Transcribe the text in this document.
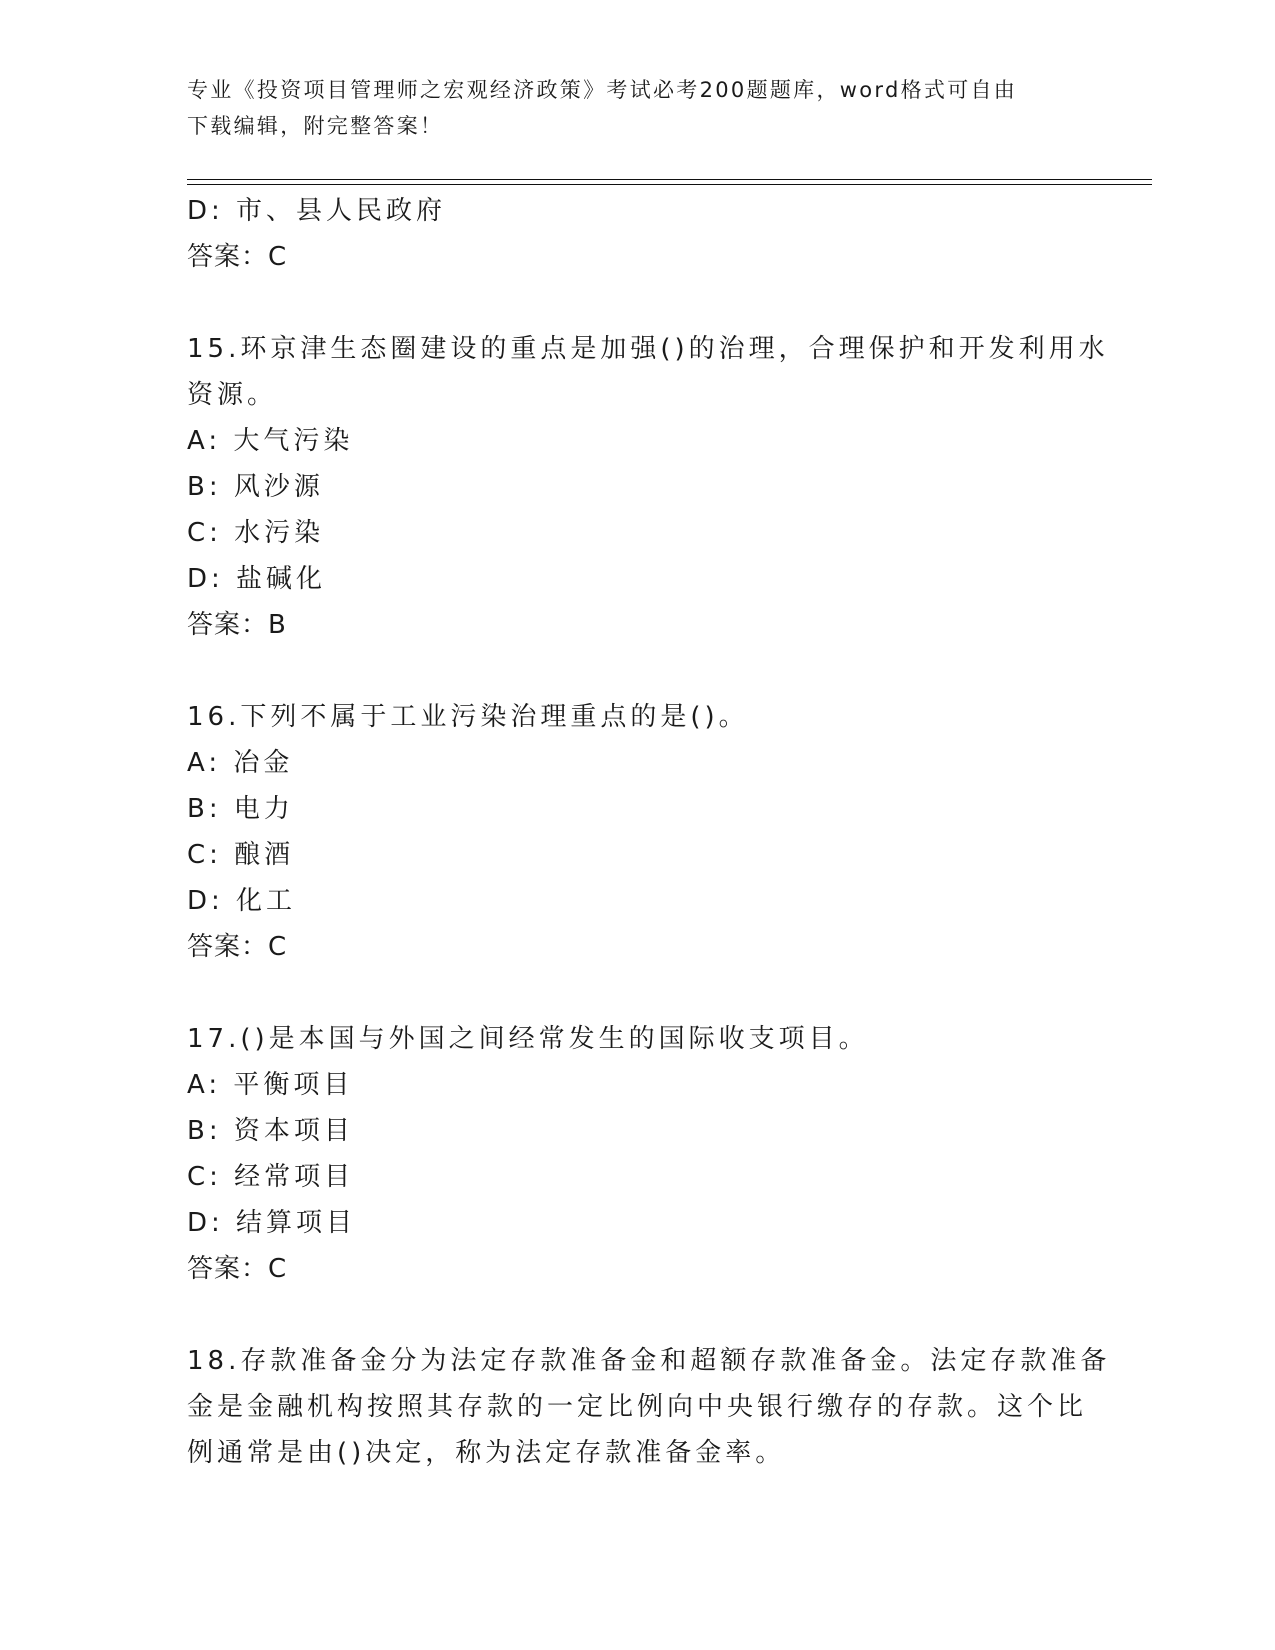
专业《投资项目管理师之宏观经济政策》考试必考200题题库，word格式可自由
下载编辑，附完整答案！
D: 市、县人民政府
答案：C
15.环京津生态圈建设的重点是加强()的治理，合理保护和开发利用水
资源。
A: 大气污染
B: 风沙源
C: 水污染
D: 盐碱化
答案：B
16.下列不属于工业污染治理重点的是()。
A: 冶金
B: 电力
C: 酿酒
D: 化工
答案：C
17.()是本国与外国之间经常发生的国际收支项目。
A: 平衡项目
B: 资本项目
C: 经常项目
D: 结算项目
答案：C
18.存款准备金分为法定存款准备金和超额存款准备金。法定存款准备
金是金融机构按照其存款的一定比例向中央银行缴存的存款。这个比
例通常是由()决定，称为法定存款准备金率。
